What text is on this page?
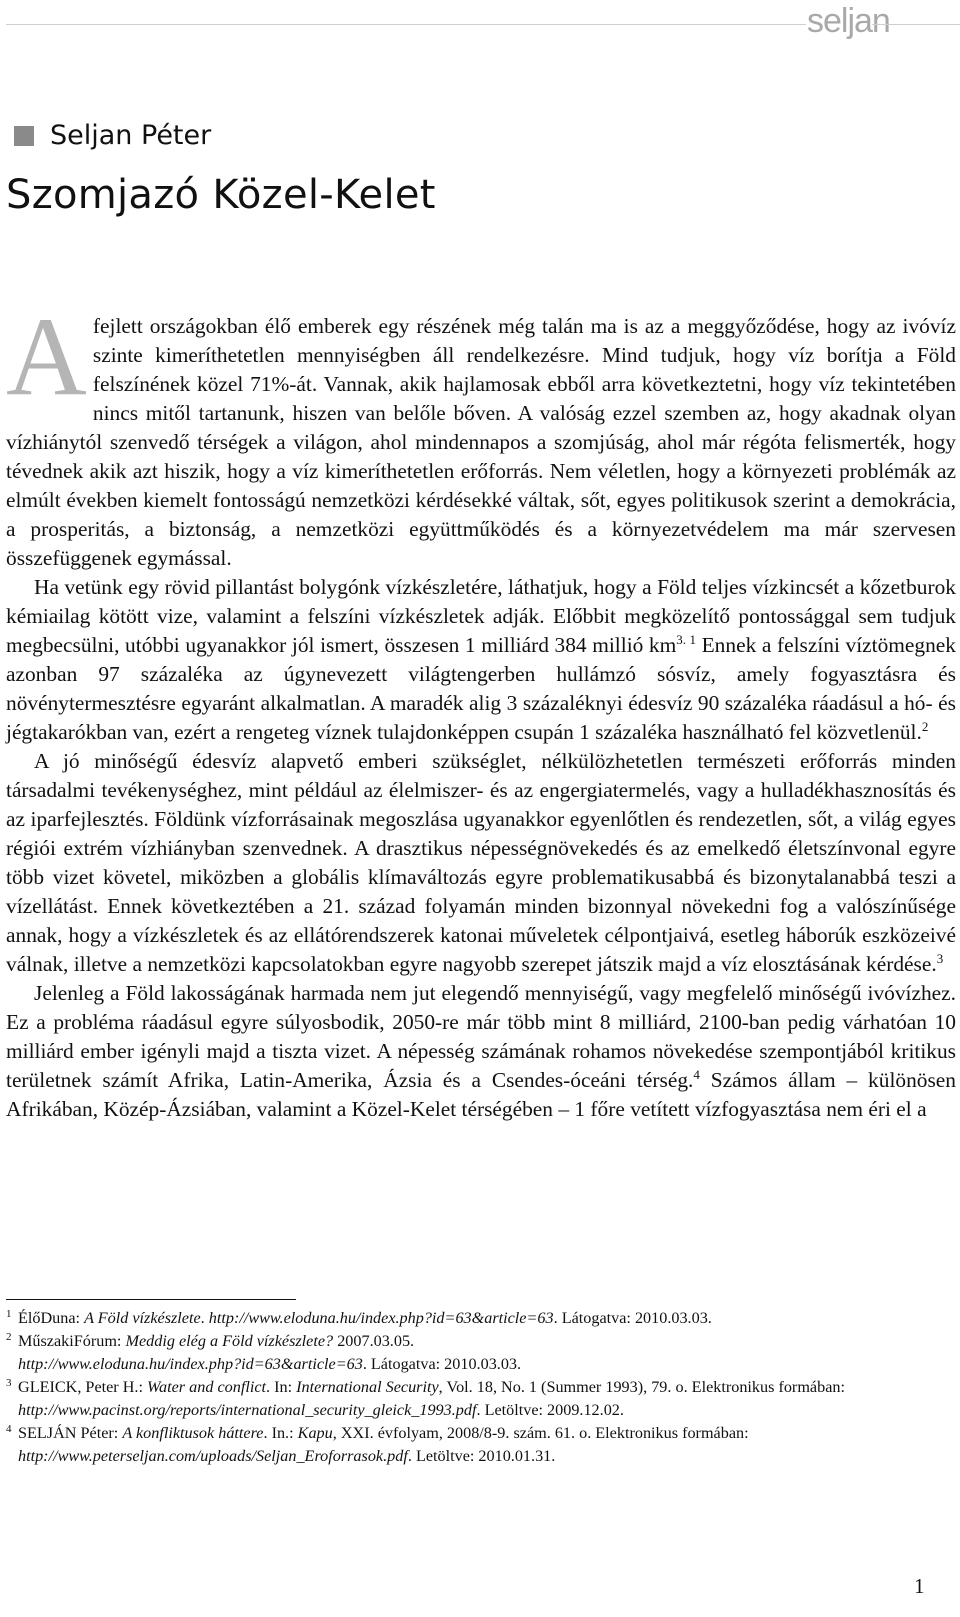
seljan
Seljan Péter
Szomjazó Közel-Kelet

Afejlett országokban élő emberek egy részének még talán ma is az a meggyőződése, hogy az ivóvíz szinte kimeríthetetlen mennyiségben áll rendelkezésre. Mind tudjuk, hogy víz borítja a Föld felszínének közel 71%-át. Vannak, akik hajlamosak ebből arra következtetni, hogy víz tekintetében nincs mitől tartanunk, hiszen van belőle bőven. A valóság ezzel szemben az, hogy akadnak olyan vízhiánytól szenvedő térségek a világon, ahol mindennapos a szomjúság, ahol már régóta felismerték, hogy tévednek akik azt hiszik, hogy a víz kimeríthetetlen erőforrás. Nem véletlen, hogy a környezeti problémák az elmúlt években kiemelt fontosságú nemzetközi kérdésekké váltak, sőt, egyes politikusok szerint a demokrácia, a prosperitás, a biztonság, a nemzetközi együttműködés és a környezetvédelem ma már szervesen összefüggenek egymással.

Ha vetünk egy rövid pillantást bolygónk vízkészletére, láthatjuk, hogy a Föld teljes vízkincsét a kőzetburok kémiailag kötött vize, valamint a felszíni vízkészletek adják. Előbbit megközelítő pontossággal sem tudjuk megbecsülni, utóbbi ugyanakkor jól ismert, összesen 1 milliárd 384 millió $km^{3. 1}$ Ennek a felszíni víztömegnek azonban 97 százaléka az úgynevezett világtengerben hullámzó sósvíz, amely fogyasztásra és növénytermesztésre egyaránt alkalmatlan. A maradék alig 3 százaléknyi édesvíz 90 százaléka ráadásul a hó- és jégtakarókban van, ezért a rengeteg víznek tulajdonképpen csupán 1 százaléka használható fel közvetlenül.$^2$

A jó minőségű édesvíz alapvető emberi szükséglet, nélkülözhetetlen természeti erőforrás minden társadalmi tevékenységhez, mint például az élelmiszer- és az engergiatermelés, vagy a hulladékhasznosítás és az iparfejlesztés. Földünk vízforrásainak megoszlása ugyanakkor egyenlőtlen és rendezetlen, sőt, a világ egyes régiói extrém vízhiányban szenvednek. A drasztikus népességnövekedés és az emelkedő életszínvonal egyre több vizet követel, miközben a globális klímaváltozás egyre problematikusabbá és bizonytalanabbá teszi a vízellátást. Ennek következtében a 21. század folyamán minden bizonnyal növekedni fog a valószínűsége annak, hogy a vízkészletek és az ellátórendszerek katonai műveletek célpontjaivá, esetleg háborúk eszközeivé válnak, illetve a nemzetközi kapcsolatokban egyre nagyobb szerepet játszik majd a víz elosztásának kérdése.$^3$

Jelenleg a Föld lakosságának harmada nem jut elegendő mennyiségű, vagy megfelelő minőségű ivóvízhez. Ez a probléma ráadásul egyre súlyosbodik, 2050-re már több mint 8 milliárd, 2100-ban pedig várhatóan 10 milliárd ember igényli majd a tiszta vizet. A népesség számának rohamos növekedése szempontjából kritikus területnek számít Afrika, Latin-Amerika, Ázsia és a Csendes-óceáni térség.$^4$ Számos állam – különösen Afrikában, Közép-Ázsiában, valamint a Közel-Kelet térségében – 1 főre vetített vízfogyasztása nem éri el a

1 ÉlőDuna: A Föld vízkészlete. http://www.eloduna.hu/index.php?id=63&article=63. Látogatva: 2010.03.03.
2 MűszakiFórum: Meddig elég a Föld vízkészlete? 2007.03.05.
http://www.eloduna.hu/index.php?id=63&article=63. Látogatva: 2010.03.03.
3 GLEICK, Peter H.: Water and conflict. In: International Security, Vol. 18, No. 1 (Summer 1993), 79. o. Elektronikus formában: http://www.pacinst.org/reports/international_security_gleick_1993.pdf. Letöltve: 2009.12.02.
4 SELJÁN Péter: A konfliktusok háttere. In.: Kapu, XXI. évfolyam, 2008/8-9. szám. 61. o. Elektronikus formában: http://www.peterseljan.com/uploads/Seljan_Eroforrasok.pdf. Letöltve: 2010.01.31.
1
